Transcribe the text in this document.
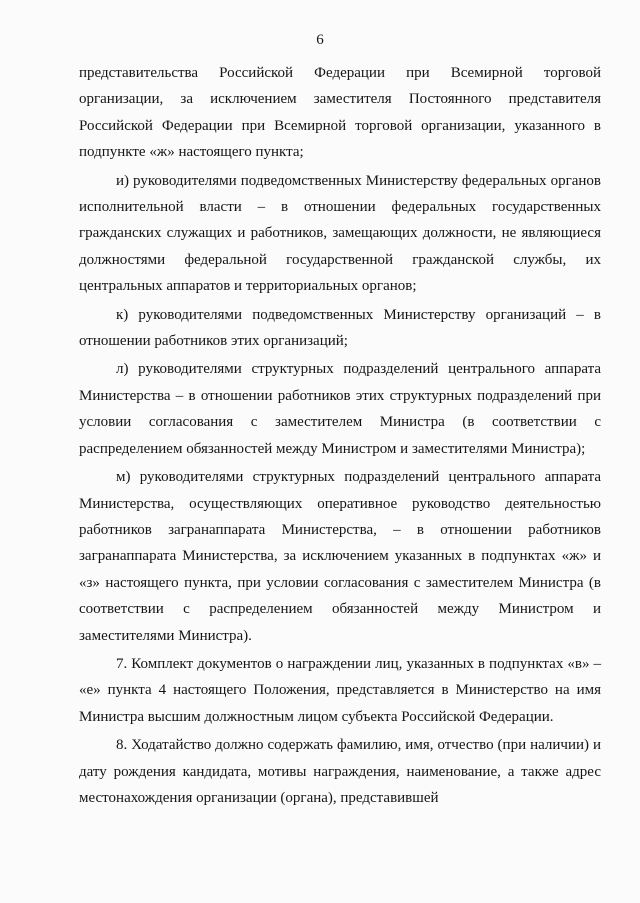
6

представительства Российской Федерации при Всемирной торговой организации, за исключением заместителя Постоянного представителя Российской Федерации при Всемирной торговой организации, указанного в подпункте «ж» настоящего пункта;

и) руководителями подведомственных Министерству федеральных органов исполнительной власти – в отношении федеральных государственных гражданских служащих и работников, замещающих должности, не являющиеся должностями федеральной государственной гражданской службы, их центральных аппаратов и территориальных органов;

к) руководителями подведомственных Министерству организаций – в отношении работников этих организаций;

л) руководителями структурных подразделений центрального аппарата Министерства – в отношении работников этих структурных подразделений при условии согласования с заместителем Министра (в соответствии с распределением обязанностей между Министром и заместителями Министра);

м) руководителями структурных подразделений центрального аппарата Министерства, осуществляющих оперативное руководство деятельностью работников загранаппарата Министерства, – в отношении работников загранаппарата Министерства, за исключением указанных в подпунктах «ж» и «з» настоящего пункта, при условии согласования с заместителем Министра (в соответствии с распределением обязанностей между Министром и заместителями Министра).

7. Комплект документов о награждении лиц, указанных в подпунктах «в» – «е» пункта 4 настоящего Положения, представляется в Министерство на имя Министра высшим должностным лицом субъекта Российской Федерации.

8. Ходатайство должно содержать фамилию, имя, отчество (при наличии) и дату рождения кандидата, мотивы награждения, наименование, а также адрес местонахождения организации (органа), представившей
